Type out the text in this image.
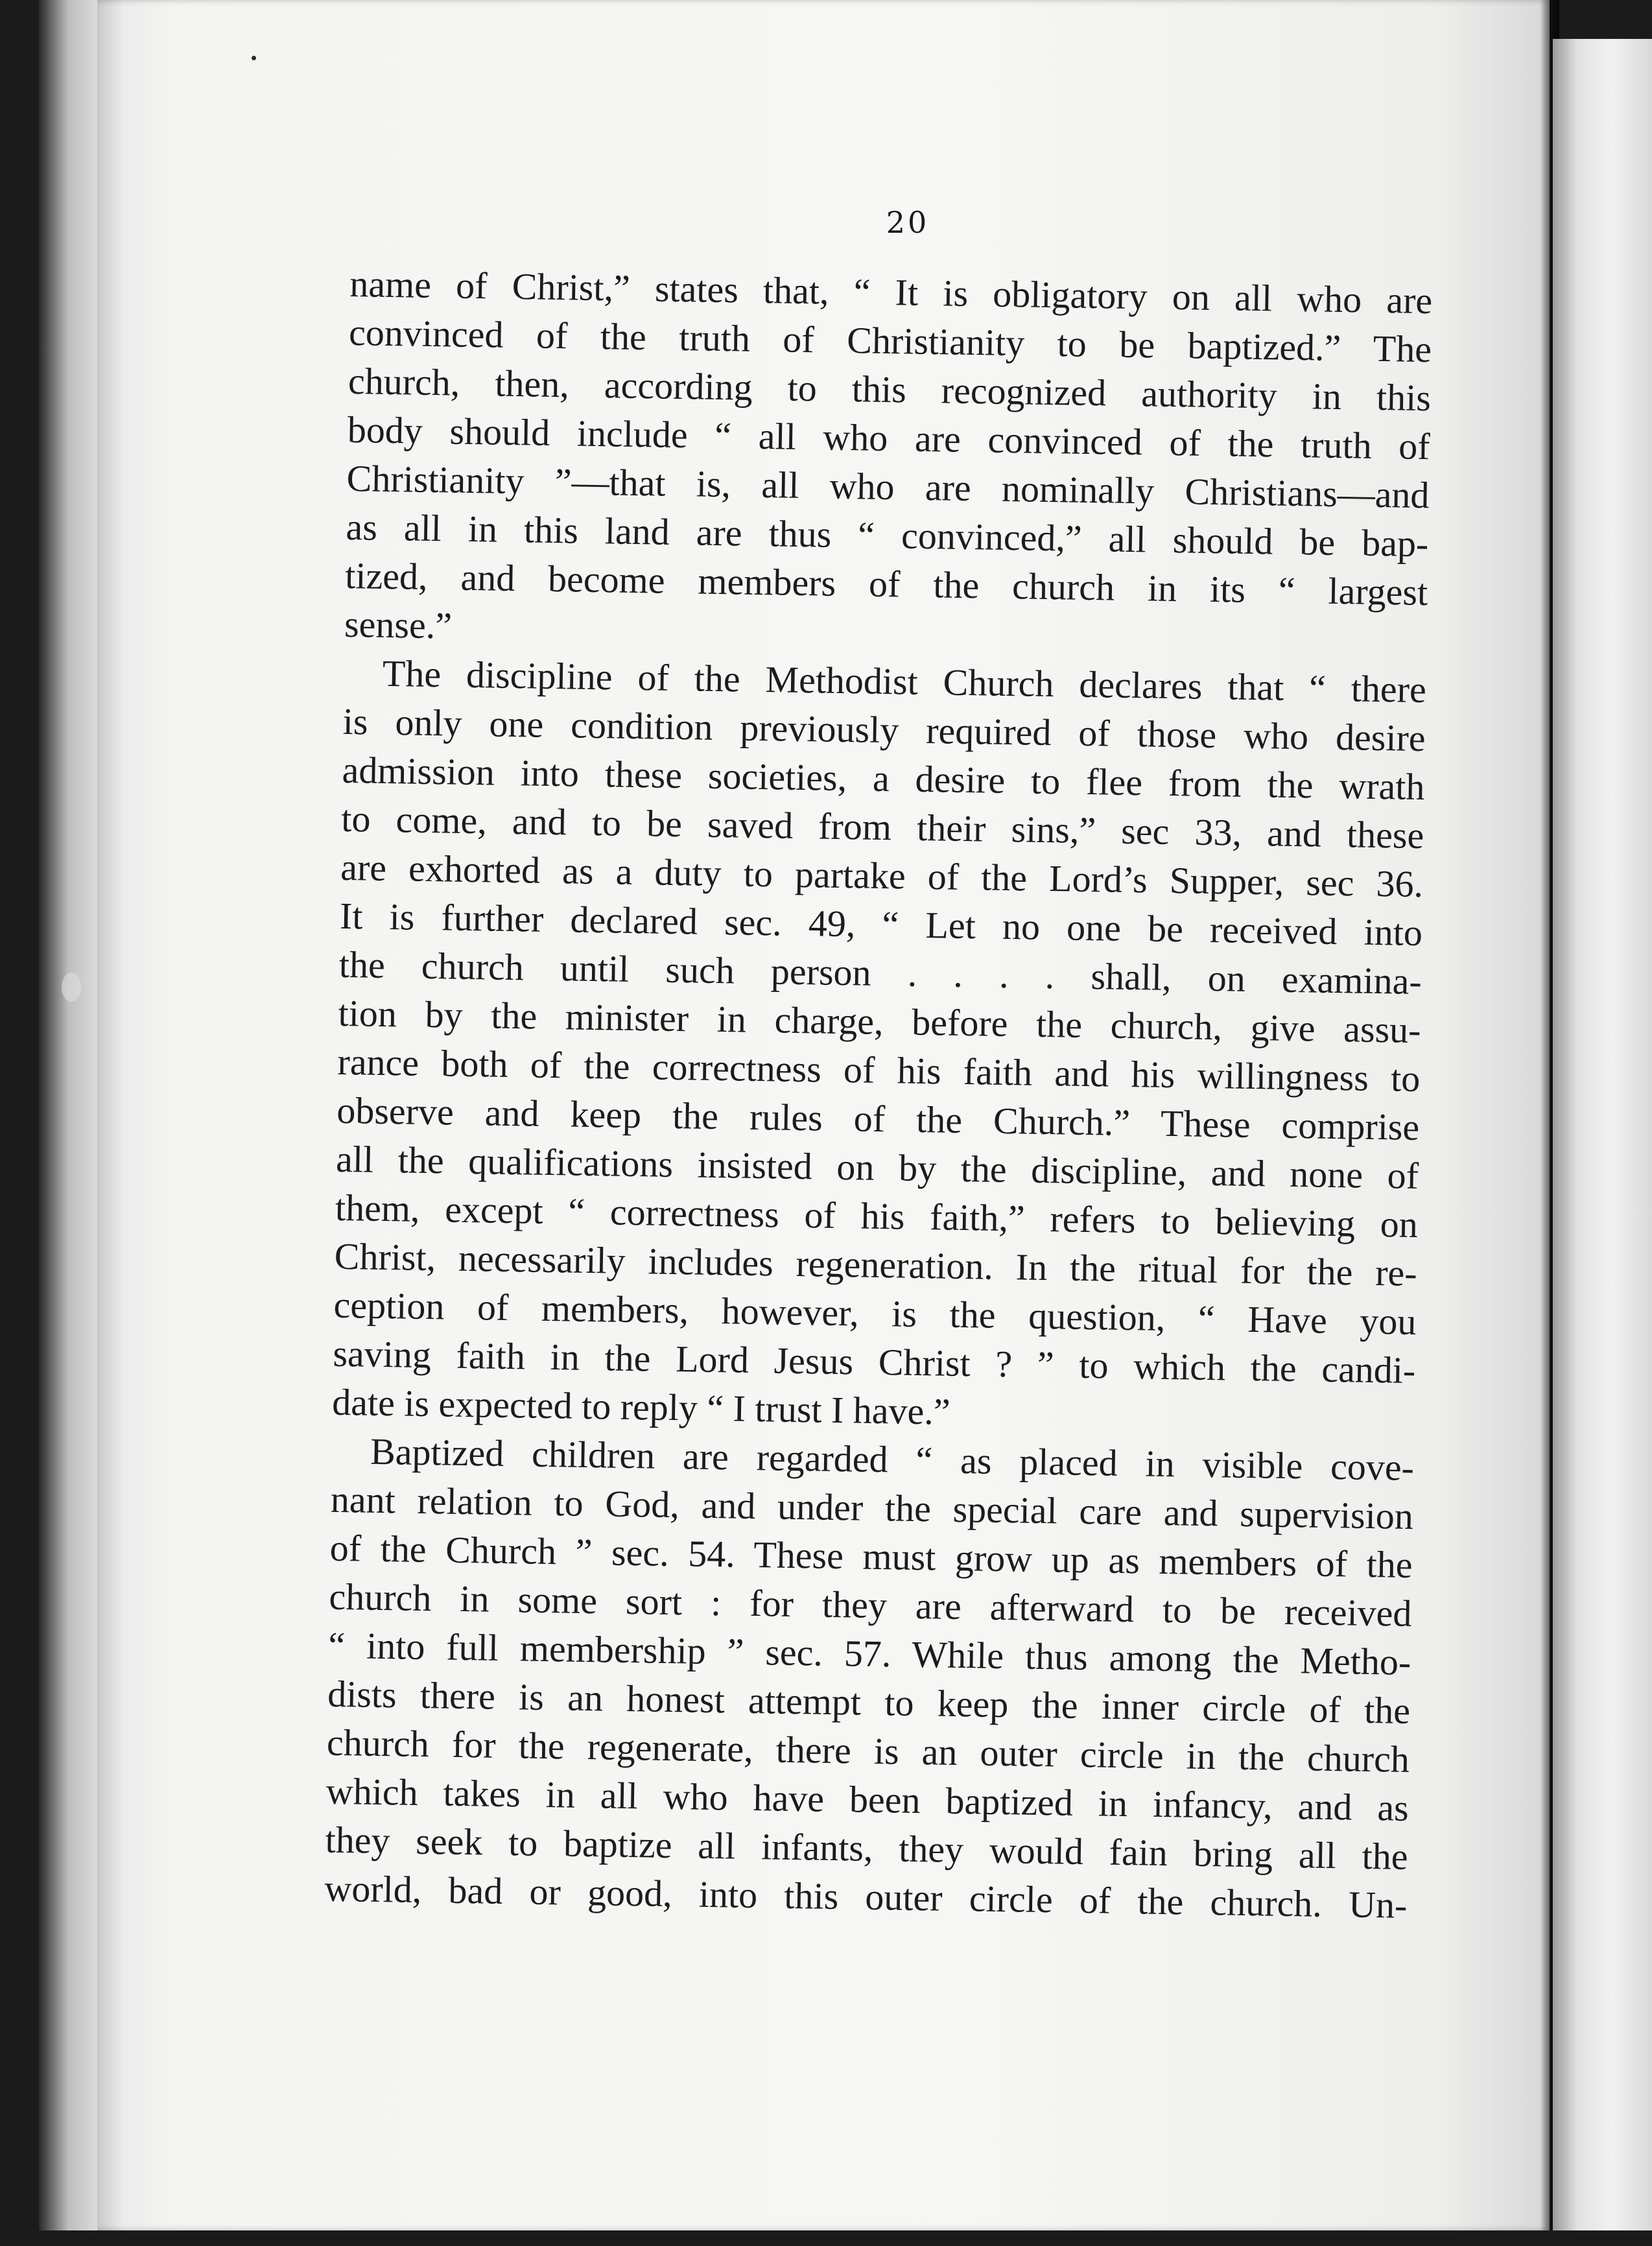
20
name of Christ,” states that, “ It is obligatory on all who are
convinced of the truth of Christianity to be baptized.” The
church, then, according to this recognized authority in this
body should include “ all who are convinced of the truth of
Christianity ”—that is, all who are nominally Christians—and
as all in this land are thus “ convinced,” all should be bap-
tized, and become members of the church in its “ largest
sense.”
The discipline of the Methodist Church declares that “ there
is only one condition previously required of those who desire
admission into these societies, a desire to flee from the wrath
to come, and to be saved from their sins,” sec 33, and these
are exhorted as a duty to partake of the Lord’s Supper, sec 36.
It is further declared sec. 49, “ Let no one be received into
the church until such person . . . . shall, on examina-
tion by the minister in charge, before the church, give assu-
rance both of the correctness of his faith and his willingness to
observe and keep the rules of the Church.” These comprise
all the qualifications insisted on by the discipline, and none of
them, except “ correctness of his faith,” refers to believing on
Christ, necessarily includes regeneration. In the ritual for the re-
ception of members, however, is the question, “ Have you
saving faith in the Lord Jesus Christ ? ” to which the candi-
date is expected to reply “ I trust I have.”
Baptized children are regarded “ as placed in visible cove-
nant relation to God, and under the special care and supervision
of the Church ” sec. 54. These must grow up as members of the
church in some sort : for they are afterward to be received
“ into full membership ” sec. 57. While thus among the Metho-
dists there is an honest attempt to keep the inner circle of the
church for the regenerate, there is an outer circle in the church
which takes in all who have been baptized in infancy, and as
they seek to baptize all infants, they would fain bring all the
world, bad or good, into this outer circle of the church. Un-
